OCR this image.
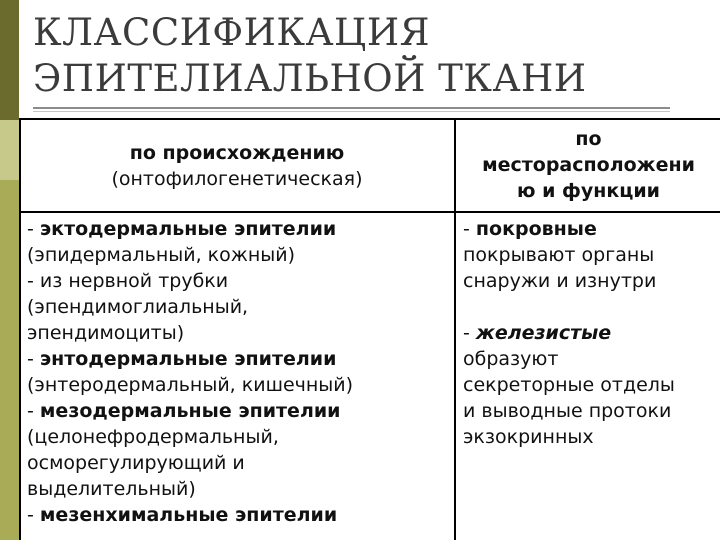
КЛАССИФИКАЦИЯ
ЭПИТЕЛИАЛЬНОЙ ТКАНИ
по происхождению
(онтофилогенетическая)
по
месторасположени
ю и функции
- эктодермальные эпителии
(эпидермальный, кожный)
- из нервной трубки
(эпендимоглиальный,
эпендимоциты)
- энтодермальные эпителии
(энтеродермальный, кишечный)
- мезодермальные эпителии
(целонефродермальный,
осморегулирующий и
выделительный)
- мезенхимальные эпителии
- покровные
покрывают органы
снаружи и изнутри
- железистые
образуют
секреторные отделы
и выводные протоки
экзокринных
